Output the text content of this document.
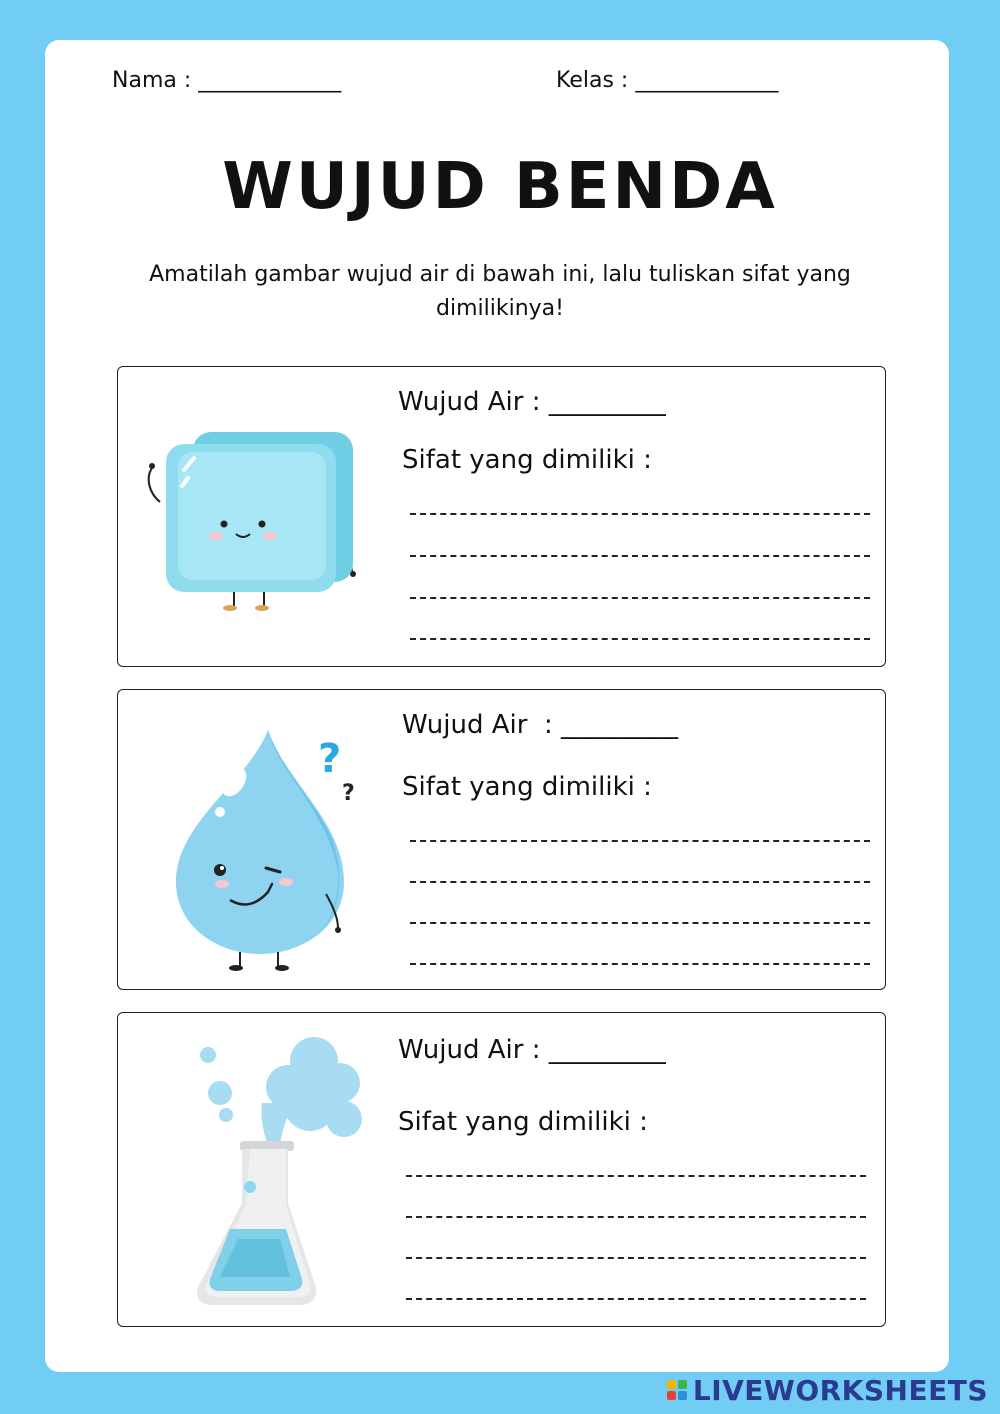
Nama : _____________	Kelas : _____________
WUJUD BENDA
Amatilah gambar wujud air di bawah ini, lalu tuliskan sifat yang dimilikinya!
Wujud Air : _________
Sifat yang dimiliki :
?
?
Wujud Air  : _________
Sifat yang dimiliki :
Wujud Air : _________
Sifat yang dimiliki :
LIVEWORKSHEETS
